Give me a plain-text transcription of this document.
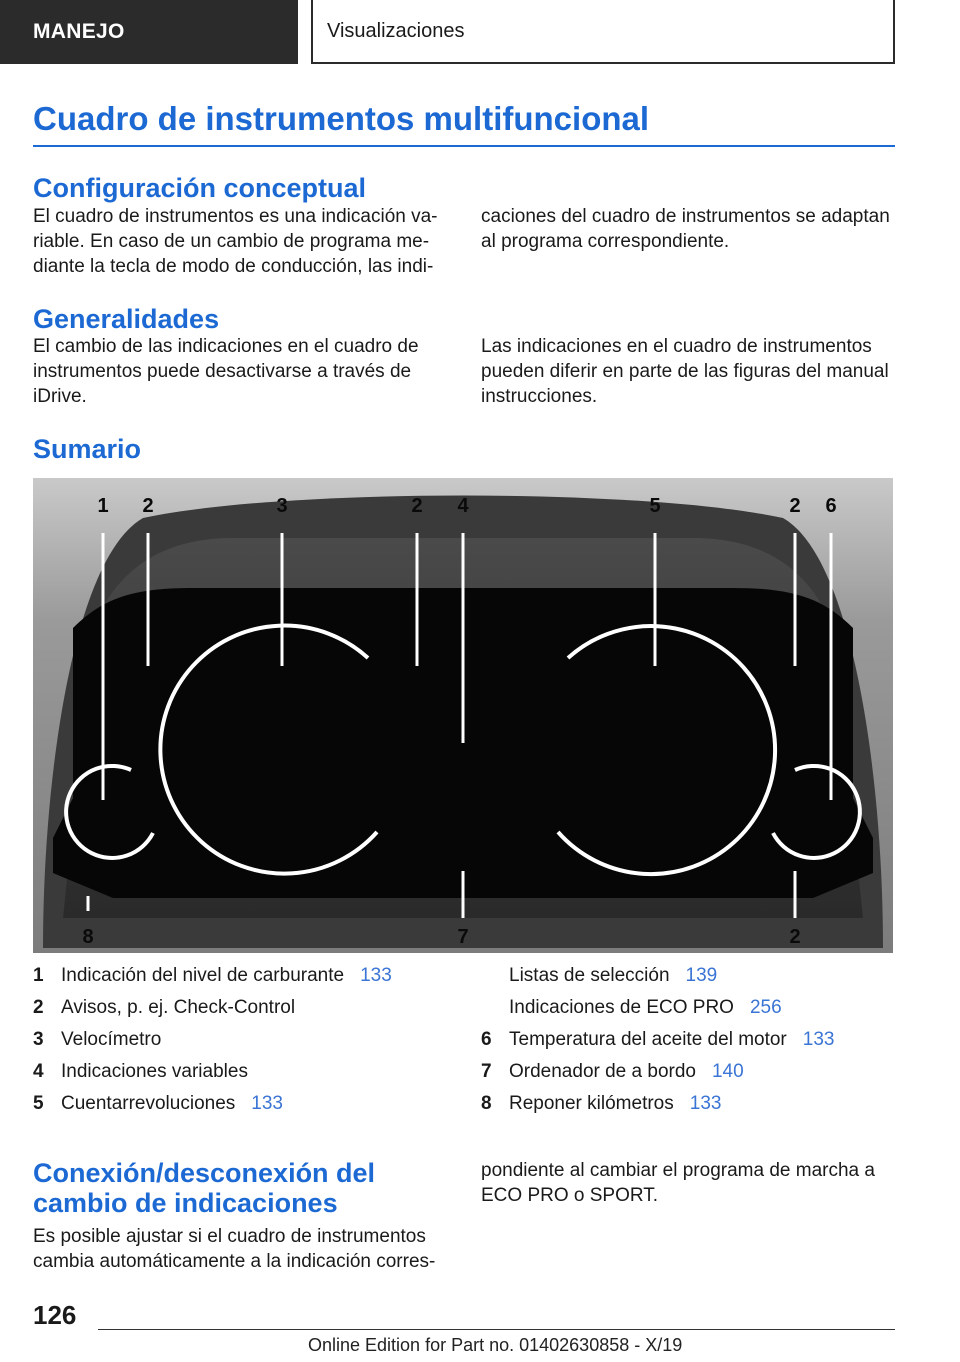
MANEJO	Visualizaciones
Cuadro de instrumentos multifuncional
Configuración conceptual

El cuadro de instrumentos es una indicación va-riable. En caso de un cambio de programa me-diante la tecla de modo de conducción, las indi-

caciones del cuadro de instrumentos se adaptan al programa correspondiente.

Generalidades

El cambio de las indicaciones en el cuadro de instrumentos puede desactivarse a través de iDrive.

Las indicaciones en el cuadro de instrumentos pueden diferir en parte de las figuras del manual instrucciones.

Sumario
1 2	3	2 4	5	2 6
8	7	2
1 Indicación del nivel de carburante 133
2 Avisos, p. ej. Check-Control
3 Velocímetro
4 Indicaciones variables
5 Cuentarrevoluciones 133
Listas de selección 139
Indicaciones de ECO PRO 256
6 Temperatura del aceite del motor 133
7 Ordenador de a bordo 140
8 Reponer kilómetros 133
Conexión/desconexión del cambio de indicaciones

Es posible ajustar si el cuadro de instrumentos cambia automáticamente a la indicación corres-

pondiente al cambiar el programa de marcha a ECO PRO o SPORT.

126
Online Edition for Part no. 01402630858 - X/19
